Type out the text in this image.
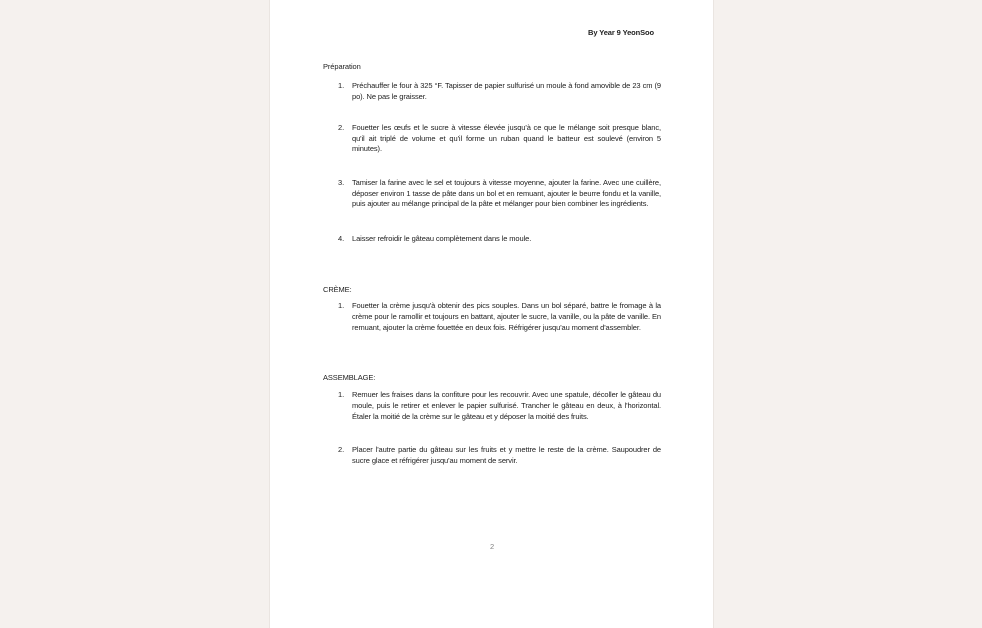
By Year 9 YeonSoo
Préparation
1. Préchauffer le four à 325 °F. Tapisser de papier sulfurisé un moule à fond amovible de 23 cm (9 po). Ne pas le graisser.
2. Fouetter les œufs et le sucre à vitesse élevée jusqu'à ce que le mélange soit presque blanc, qu'il ait triplé de volume et qu'il forme un ruban quand le batteur est soulevé (environ 5 minutes).
3. Tamiser la farine avec le sel et toujours à vitesse moyenne, ajouter la farine. Avec une cuillère, déposer environ 1 tasse de pâte dans un bol et en remuant, ajouter le beurre fondu et la vanille, puis ajouter au mélange principal de la pâte et mélanger pour bien combiner les ingrédients.
4. Laisser refroidir le gâteau complètement dans le moule.
CRÈME:
1. Fouetter la crème jusqu'à obtenir des pics souples. Dans un bol séparé, battre le fromage à la crème pour le ramollir et toujours en battant, ajouter le sucre, la vanille, ou la pâte de vanille. En remuant, ajouter la crème fouettée en deux fois. Réfrigérer jusqu'au moment d'assembler.
ASSEMBLAGE:
1. Remuer les fraises dans la confiture pour les recouvrir. Avec une spatule, décoller le gâteau du moule, puis le retirer et enlever le papier sulfurisé. Trancher le gâteau en deux, à l'horizontal. Étaler la moitié de la crème sur le gâteau et y déposer la moitié des fruits.
2. Placer l'autre partie du gâteau sur les fruits et y mettre le reste de la crème. Saupoudrer de sucre glace et réfrigérer jusqu'au moment de servir.
2
